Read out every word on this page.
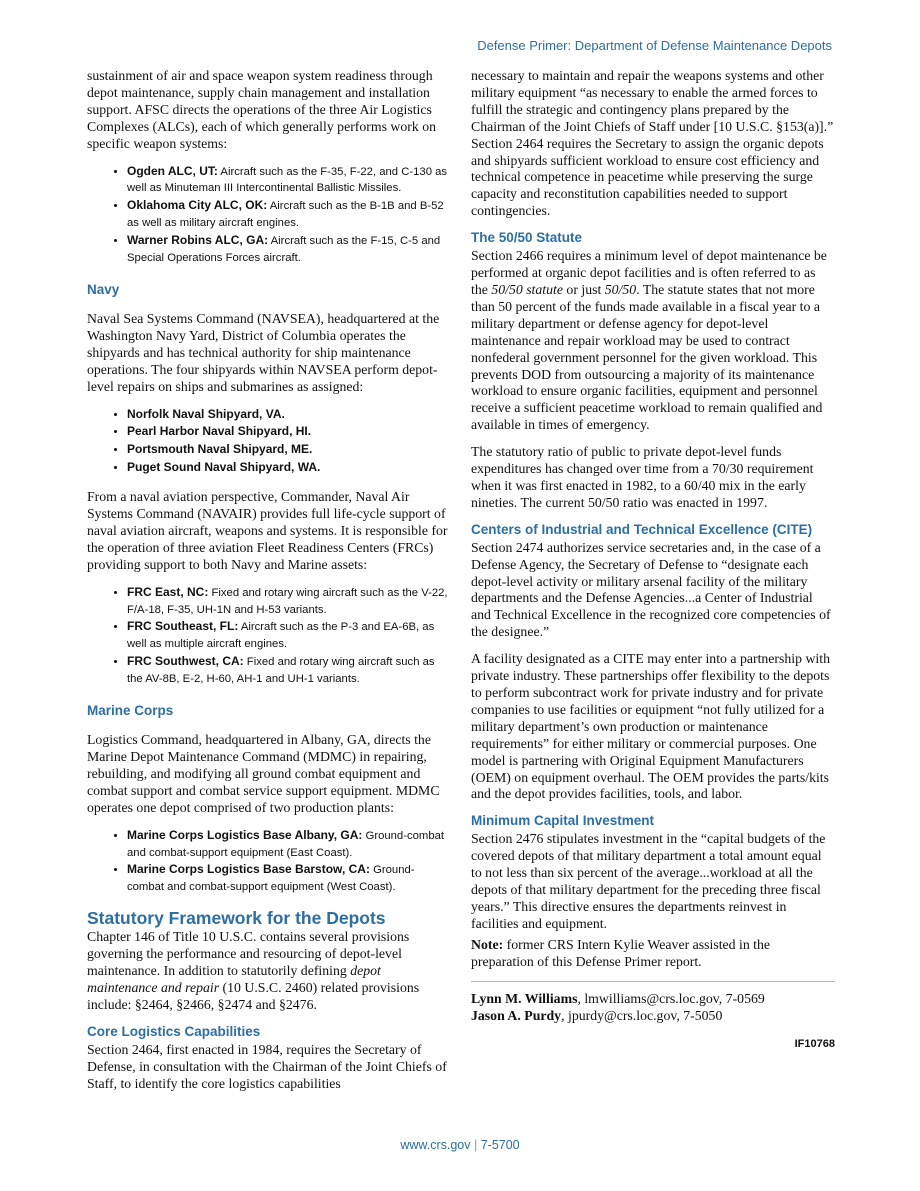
Defense Primer: Department of Defense Maintenance Depots

sustainment of air and space weapon system readiness through depot maintenance, supply chain management and installation support. AFSC directs the operations of the three Air Logistics Complexes (ALCs), each of which generally performs work on specific weapon systems:

• Ogden ALC, UT: Aircraft such as the F-35, F-22, and C-130 as well as Minuteman III Intercontinental Ballistic Missiles.
• Oklahoma City ALC, OK: Aircraft such as the B-1B and B-52 as well as military aircraft engines.
• Warner Robins ALC, GA: Aircraft such as the F-15, C-5 and Special Operations Forces aircraft.
Navy

Naval Sea Systems Command (NAVSEA), headquartered at the Washington Navy Yard, District of Columbia operates the shipyards and has technical authority for ship maintenance operations. The four shipyards within NAVSEA perform depot-level repairs on ships and submarines as assigned:

• Norfolk Naval Shipyard, VA.
• Pearl Harbor Naval Shipyard, HI.
• Portsmouth Naval Shipyard, ME.
• Puget Sound Naval Shipyard, WA.

From a naval aviation perspective, Commander, Naval Air Systems Command (NAVAIR) provides full life-cycle support of naval aviation aircraft, weapons and systems. It is responsible for the operation of three aviation Fleet Readiness Centers (FRCs) providing support to both Navy and Marine assets:

• FRC East, NC: Fixed and rotary wing aircraft such as the V-22, F/A-18, F-35, UH-1N and H-53 variants.
• FRC Southeast, FL: Aircraft such as the P-3 and EA-6B, as well as multiple aircraft engines.
• FRC Southwest, CA: Fixed and rotary wing aircraft such as the AV-8B, E-2, H-60, AH-1 and UH-1 variants.
Marine Corps

Logistics Command, headquartered in Albany, GA, directs the Marine Depot Maintenance Command (MDMC) in repairing, rebuilding, and modifying all ground combat equipment and combat support and combat service support equipment. MDMC operates one depot comprised of two production plants:

• Marine Corps Logistics Base Albany, GA: Ground-combat and combat-support equipment (East Coast).
• Marine Corps Logistics Base Barstow, CA: Ground-combat and combat-support equipment (West Coast).
Statutory Framework for the Depots

Chapter 146 of Title 10 U.S.C. contains several provisions governing the performance and resourcing of depot-level maintenance. In addition to statutorily defining depot maintenance and repair (10 U.S.C. 2460) related provisions include: §2464, §2466, §2474 and §2476.

Core Logistics Capabilities

Section 2464, first enacted in 1984, requires the Secretary of Defense, in consultation with the Chairman of the Joint Chiefs of Staff, to identify the core logistics capabilities

necessary to maintain and repair the weapons systems and other military equipment “as necessary to enable the armed forces to fulfill the strategic and contingency plans prepared by the Chairman of the Joint Chiefs of Staff under [10 U.S.C. §153(a)].” Section 2464 requires the Secretary to assign the organic depots and shipyards sufficient workload to ensure cost efficiency and technical competence in peacetime while preserving the surge capacity and reconstitution capabilities needed to support contingencies.

The 50/50 Statute

Section 2466 requires a minimum level of depot maintenance be performed at organic depot facilities and is often referred to as the 50/50 statute or just 50/50. The statute states that not more than 50 percent of the funds made available in a fiscal year to a military department or defense agency for depot-level maintenance and repair workload may be used to contract nonfederal government personnel for the given workload. This prevents DOD from outsourcing a majority of its maintenance workload to ensure organic facilities, equipment and personnel receive a sufficient peacetime workload to remain qualified and available in times of emergency.

The statutory ratio of public to private depot-level funds expenditures has changed over time from a 70/30 requirement when it was first enacted in 1982, to a 60/40 mix in the early nineties. The current 50/50 ratio was enacted in 1997.

Centers of Industrial and Technical Excellence (CITE)

Section 2474 authorizes service secretaries and, in the case of a Defense Agency, the Secretary of Defense to “designate each depot-level activity or military arsenal facility of the military departments and the Defense Agencies...a Center of Industrial and Technical Excellence in the recognized core competencies of the designee.”

A facility designated as a CITE may enter into a partnership with private industry. These partnerships offer flexibility to the depots to perform subcontract work for private industry and for private companies to use facilities or equipment “not fully utilized for a military department’s own production or maintenance requirements” for either military or commercial purposes. One model is partnering with Original Equipment Manufacturers (OEM) on equipment overhaul. The OEM provides the parts/kits and the depot provides facilities, tools, and labor.

Minimum Capital Investment

Section 2476 stipulates investment in the “capital budgets of the covered depots of that military department a total amount equal to not less than six percent of the average...workload at all the depots of that military department for the preceding three fiscal years.” This directive ensures the departments reinvest in facilities and equipment.

Note: former CRS Intern Kylie Weaver assisted in the preparation of this Defense Primer report.

Lynn M. Williams, lmwilliams@crs.loc.gov, 7-0569

Jason A. Purdy, jpurdy@crs.loc.gov, 7-5050

IF10768
www.crs.gov | 7-5700
